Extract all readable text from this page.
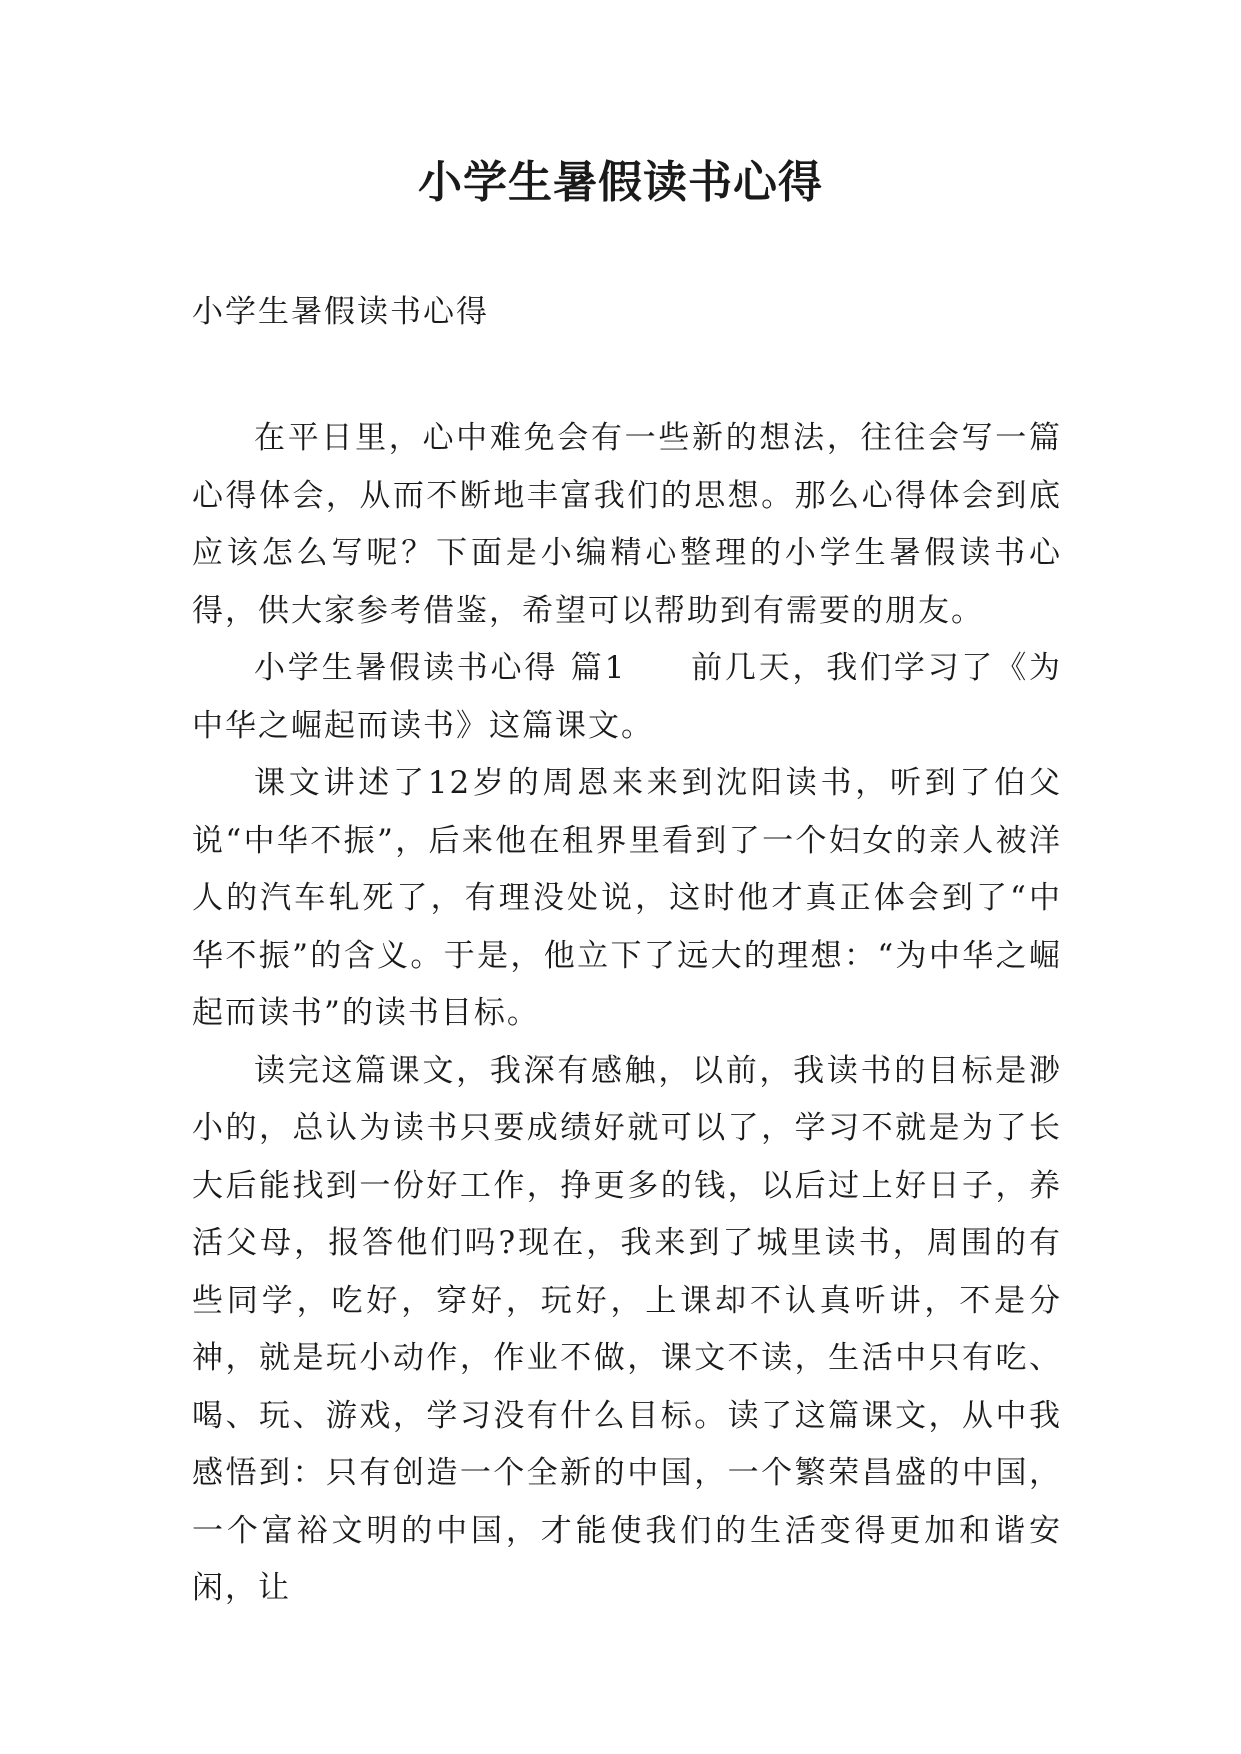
小学生暑假读书心得
小学生暑假读书心得

在平日里，心中难免会有一些新的想法，往往会写一篇心得体会，从而不断地丰富我们的思想。那么心得体会到底应该怎么写呢？下面是小编精心整理的小学生暑假读书心得，供大家参考借鉴，希望可以帮助到有需要的朋友。

小学生暑假读书心得 篇1 前几天，我们学习了《为中华之崛起而读书》这篇课文。

课文讲述了12岁的周恩来来到沈阳读书，听到了伯父说“中华不振”，后来他在租界里看到了一个妇女的亲人被洋人的汽车轧死了，有理没处说，这时他才真正体会到了“中华不振”的含义。于是，他立下了远大的理想：“为中华之崛起而读书”的读书目标。

读完这篇课文，我深有感触，以前，我读书的目标是渺小的，总认为读书只要成绩好就可以了，学习不就是为了长大后能找到一份好工作，挣更多的钱，以后过上好日子，养活父母，报答他们吗?现在，我来到了城里读书，周围的有些同学，吃好，穿好，玩好，上课却不认真听讲，不是分神，就是玩小动作，作业不做，课文不读，生活中只有吃、喝、玩、游戏，学习没有什么目标。读了这篇课文，从中我感悟到：只有创造一个全新的中国，一个繁荣昌盛的中国，一个富裕文明的中国，才能使我们的生活变得更加和谐安闲，让
